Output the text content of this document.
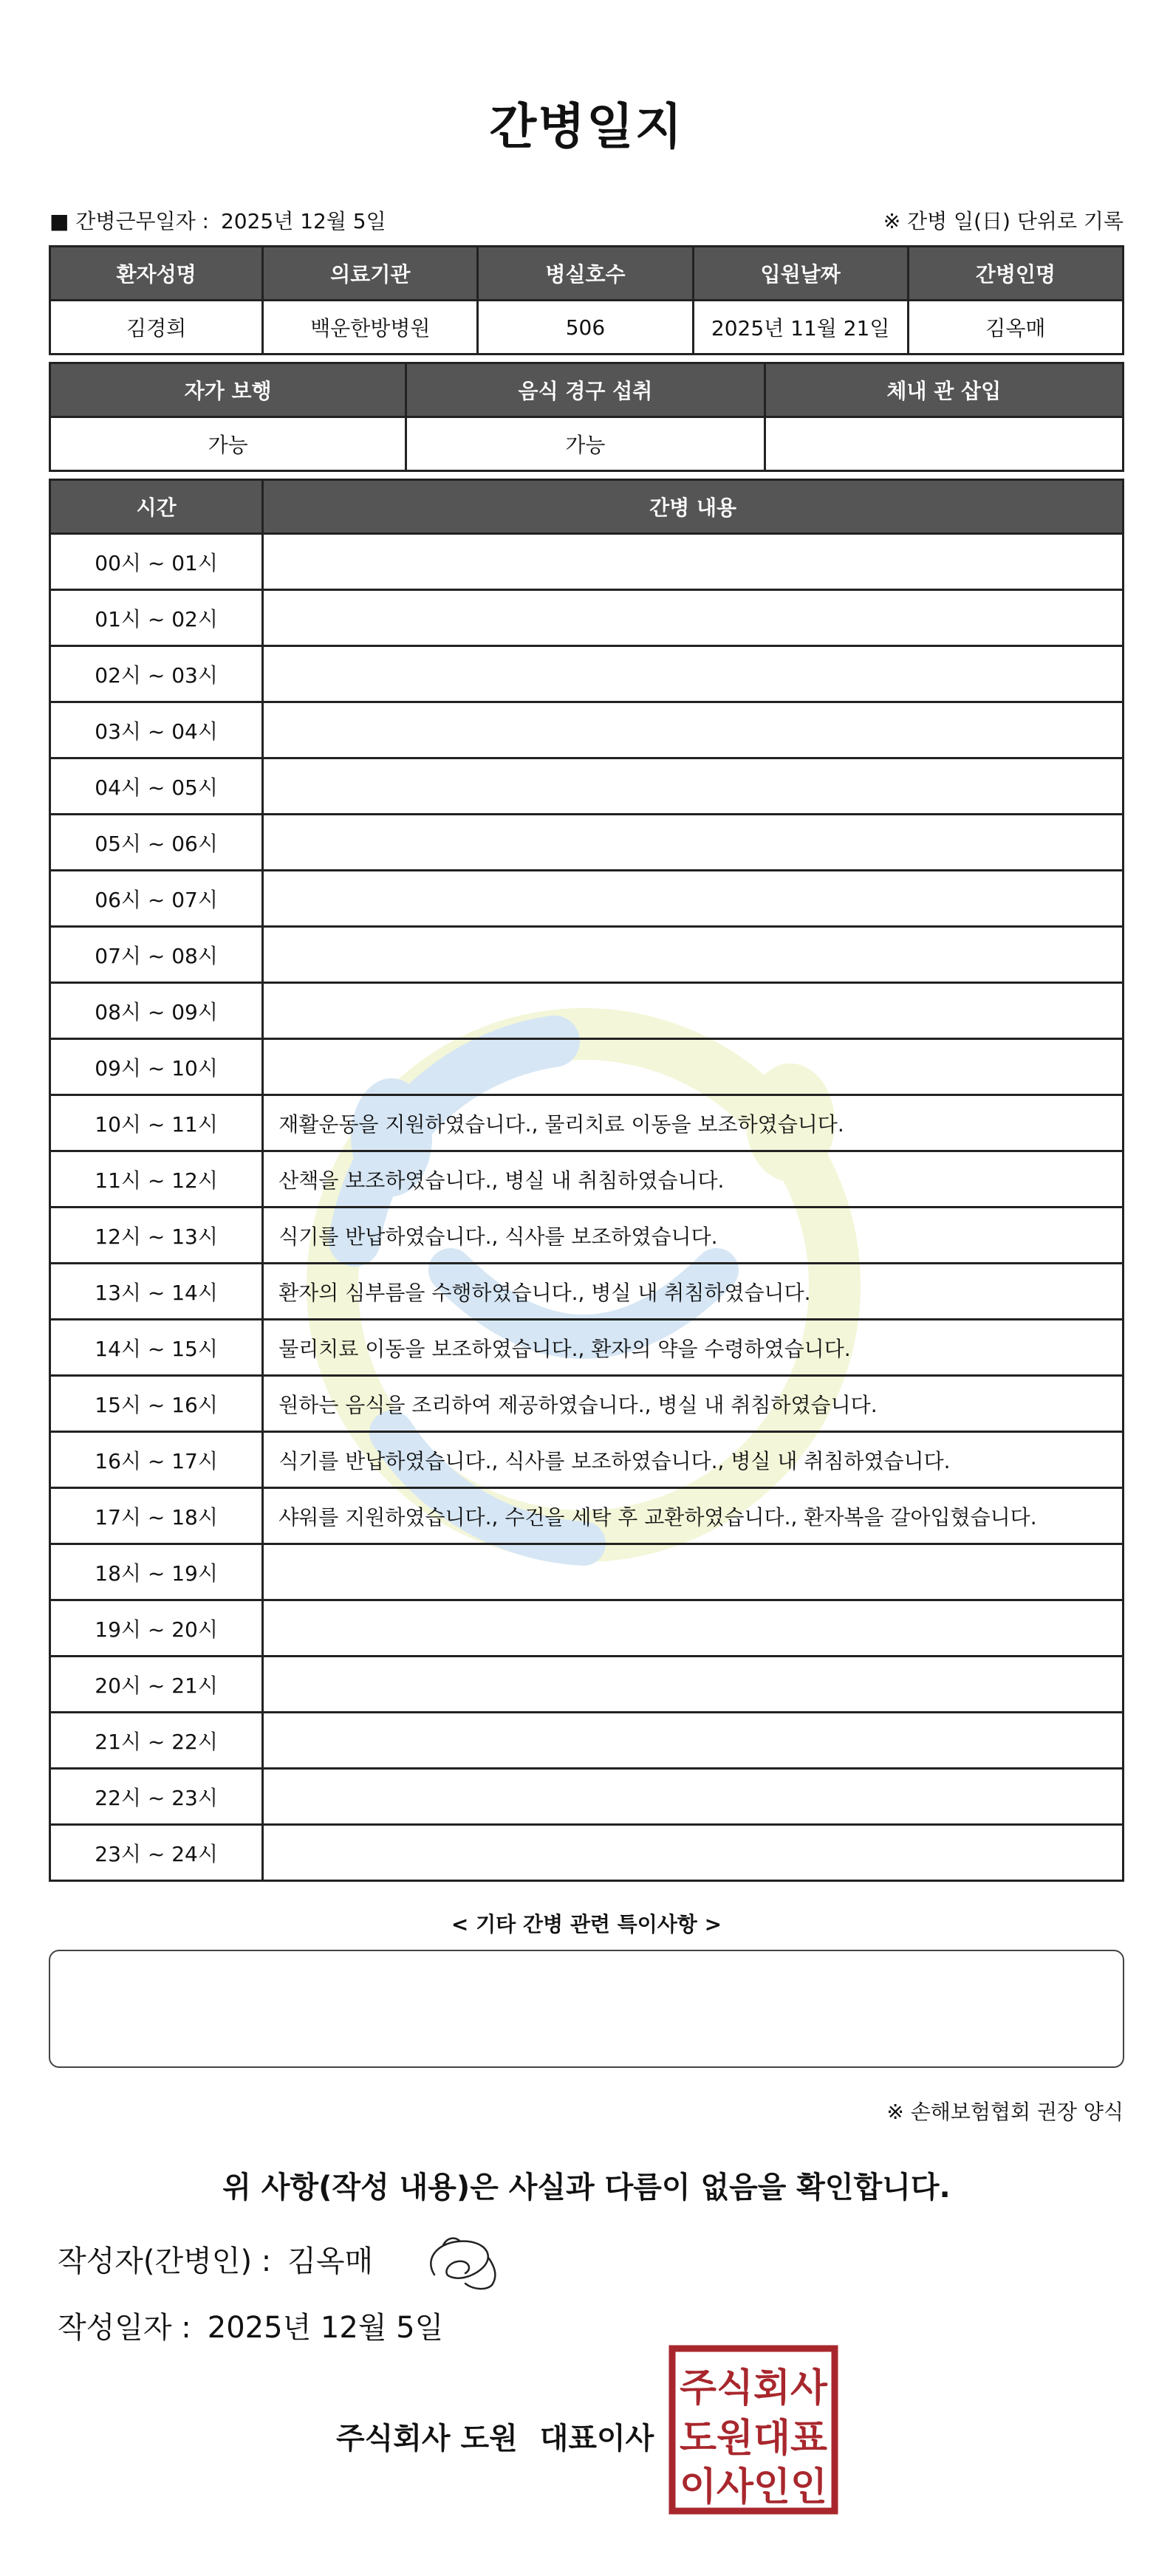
간병일지
■ 간병근무일자 : 2025년 12월 5일	※ 간병 일(日) 단위로 기록
환자성명	의료기관	병실호수	입원날짜	간병인명
김경희	백운한방병원	506	2025년 11월 21일	김옥매
자가 보행	음식 경구 섭취	체내 관 삽입
가능	가능	
시간	간병 내용
00시 ~ 01시	
01시 ~ 02시	
02시 ~ 03시	
03시 ~ 04시	
04시 ~ 05시	
05시 ~ 06시	
06시 ~ 07시	
07시 ~ 08시	
08시 ~ 09시	
09시 ~ 10시	
10시 ~ 11시	재활운동을 지원하였습니다., 물리치료 이동을 보조하였습니다.
11시 ~ 12시	산책을 보조하였습니다., 병실 내 취침하였습니다.
12시 ~ 13시	식기를 반납하였습니다., 식사를 보조하였습니다.
13시 ~ 14시	환자의 심부름을 수행하였습니다., 병실 내 취침하였습니다.
14시 ~ 15시	물리치료 이동을 보조하였습니다., 환자의 약을 수령하였습니다.
15시 ~ 16시	원하는 음식을 조리하여 제공하였습니다., 병실 내 취침하였습니다.
16시 ~ 17시	식기를 반납하였습니다., 식사를 보조하였습니다., 병실 내 취침하였습니다.
17시 ~ 18시	샤워를 지원하였습니다., 수건을 세탁 후 교환하였습니다., 환자복을 갈아입혔습니다.
18시 ~ 19시	
19시 ~ 20시	
20시 ~ 21시	
21시 ~ 22시	
22시 ~ 23시	
23시 ~ 24시	
< 기타 간병 관련 특이사항 >
※ 손해보험협회 권장 양식
위 사항(작성 내용)은 사실과 다름이 없음을 확인합니다.
작성자(간병인) : 김옥매
작성일자 : 2025년 12월 5일
주식회사 도원 대표이사
주식회사
도원대표
이사인인
